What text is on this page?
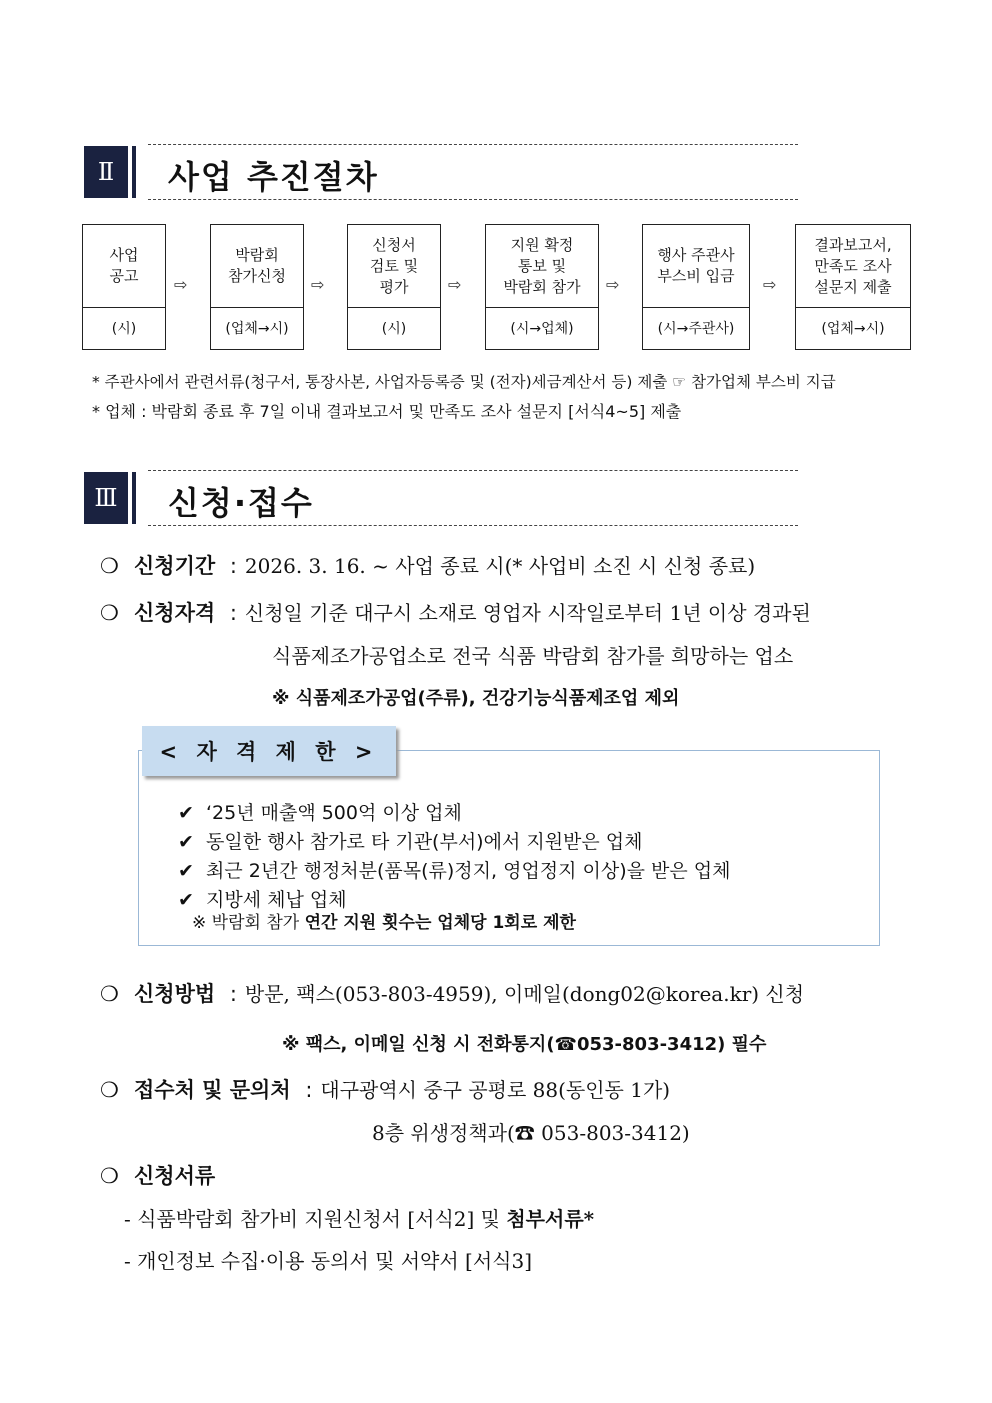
Ⅱ	사업 추진절차
사업
공고
(시)
⇨
박람회
참가신청
(업체→시)
⇨
신청서
검토 및
평가
(시)
⇨
지원 확정
통보 및
박람회 참가
(시→업체)
⇨
행사 주관사
부스비 입금
(시→주관사)
⇨
결과보고서,
만족도 조사
설문지 제출
(업체→시)
* 주관사에서 관련서류(청구서, 통장사본, 사업자등록증 및 (전자)세금계산서 등) 제출 ☞ 참가업체 부스비 지급
* 업체 : 박람회 종료 후 7일 이내 결과보고서 및 만족도 조사 설문지 [서식4~5] 제출
Ⅲ	신청·접수
❍ 신청기간 : 2026. 3. 16. ~ 사업 종료 시(* 사업비 소진 시 신청 종료)
❍ 신청자격 : 신청일 기준 대구시 소재로 영업자 시작일로부터 1년 이상 경과된
식품제조가공업소로 전국 식품 박람회 참가를 희망하는 업소
※ 식품제조가공업(주류), 건강기능식품제조업 제외
< 자 격 제 한 >
✔ ‘25년 매출액 500억 이상 업체
✔ 동일한 행사 참가로 타 기관(부서)에서 지원받은 업체
✔ 최근 2년간 행정처분(품목(류)정지, 영업정지 이상)을 받은 업체
✔ 지방세 체납 업체
※ 박람회 참가 연간 지원 횟수는 업체당 1회로 제한
❍ 신청방법 : 방문, 팩스(053-803-4959), 이메일(dong02@korea.kr) 신청
※ 팩스, 이메일 신청 시 전화통지(☎053-803-3412) 필수
❍ 접수처 및 문의처 : 대구광역시 중구 공평로 88(동인동 1가)
8층 위생정책과(☎ 053-803-3412)
❍ 신청서류
- 식품박람회 참가비 지원신청서 [서식2] 및 첨부서류*
- 개인정보 수집·이용 동의서 및 서약서 [서식3]
